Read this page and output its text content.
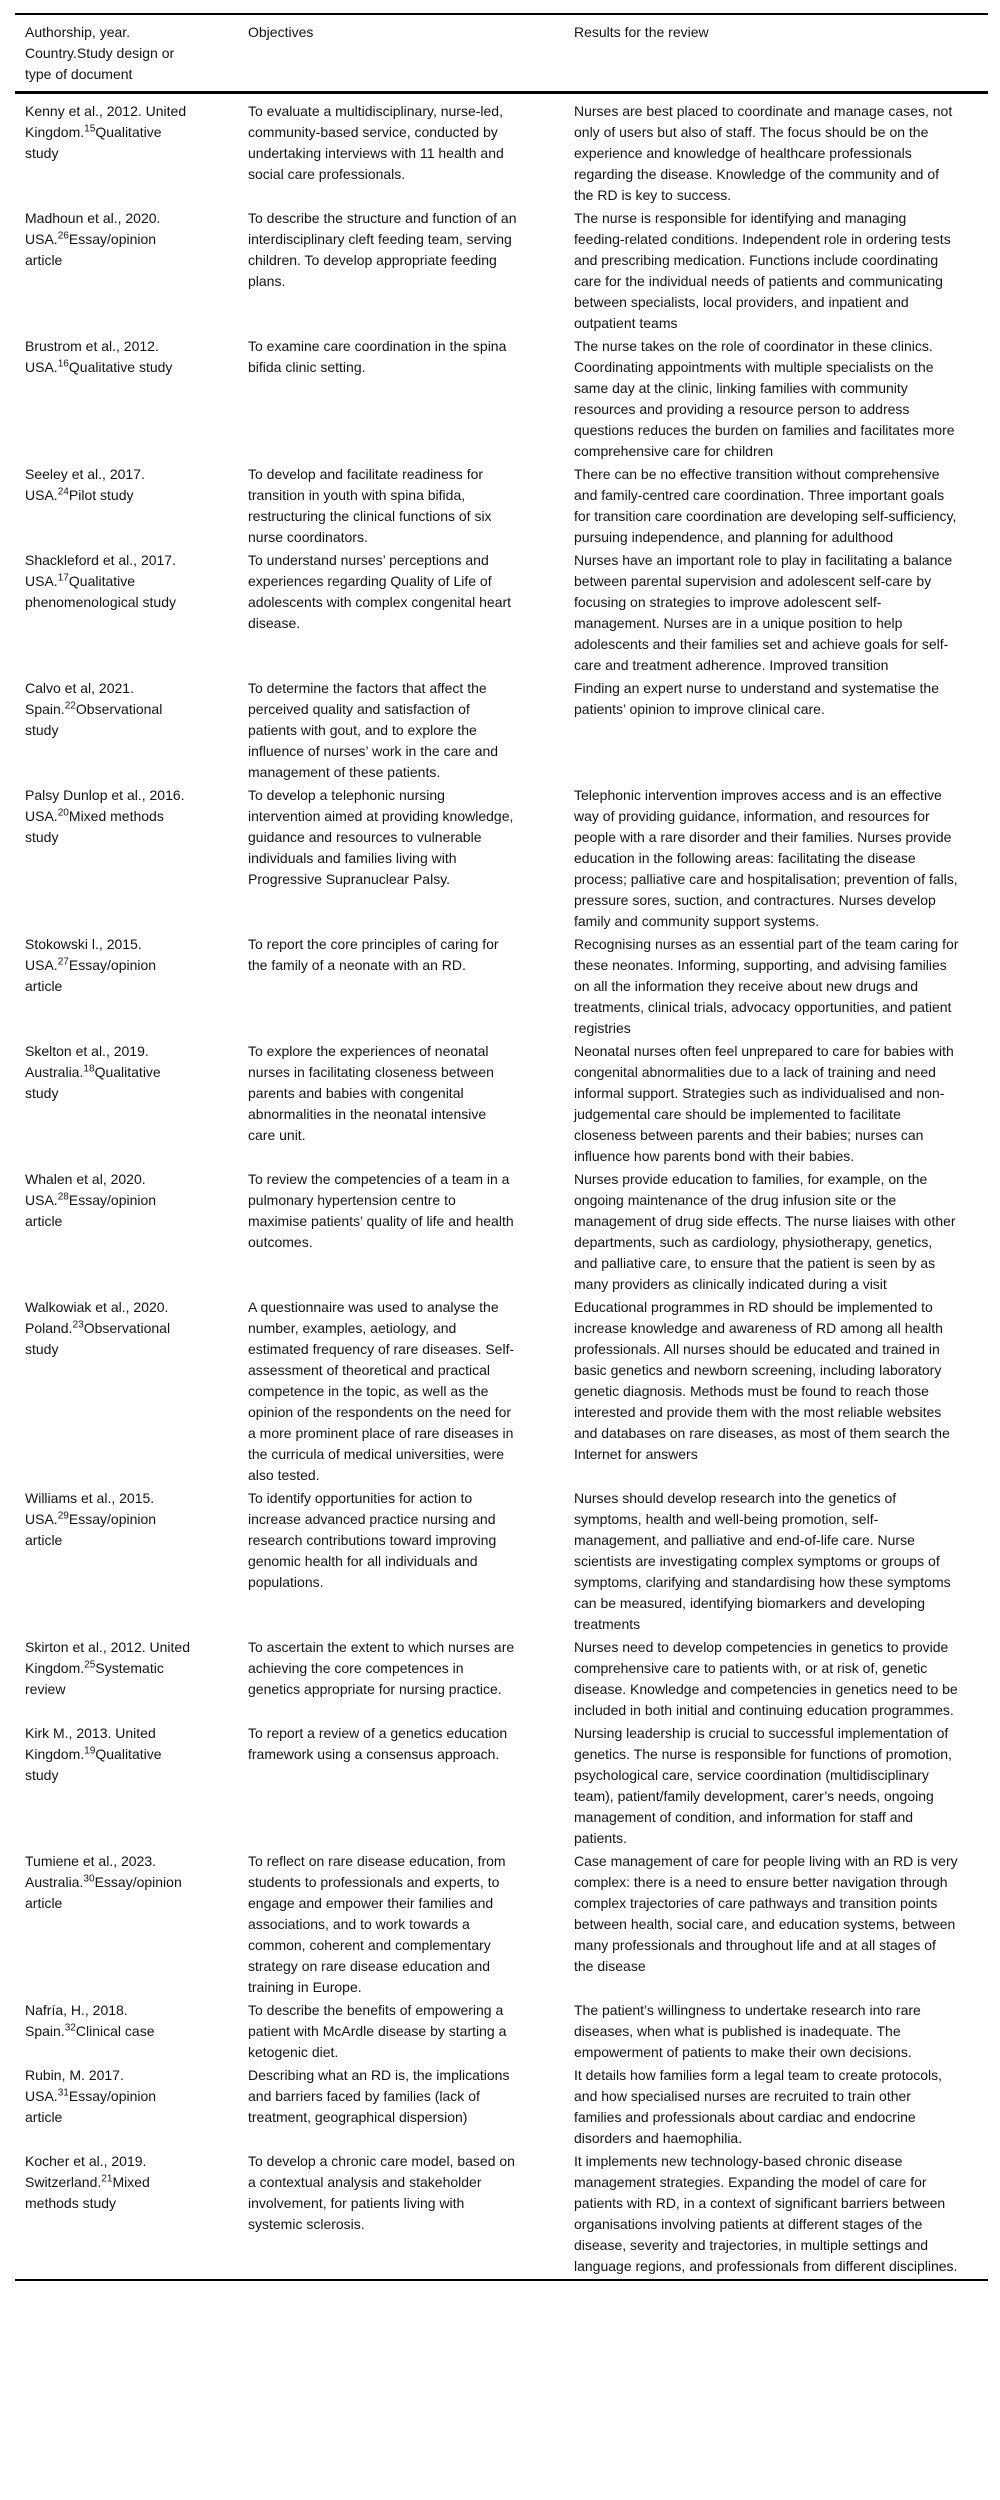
Authorship, year. Country.Study design or type of document	Objectives	Results for the review
Kenny et al., 2012. United Kingdom.$^{15}$Qualitative study	To evaluate a multidisciplinary, nurse-led, community-based service, conducted by undertaking interviews with 11 health and social care professionals.	Nurses are best placed to coordinate and manage cases, not only of users but also of staff. The focus should be on the experience and knowledge of healthcare professionals regarding the disease. Knowledge of the community and of the RD is key to success.
Madhoun et al., 2020. USA.$^{26}$Essay/opinion article	To describe the structure and function of an interdisciplinary cleft feeding team, serving children. To develop appropriate feeding plans.	The nurse is responsible for identifying and managing feeding-related conditions. Independent role in ordering tests and prescribing medication. Functions include coordinating care for the individual needs of patients and communicating between specialists, local providers, and inpatient and outpatient teams
Brustrom et al., 2012. USA.$^{16}$Qualitative study	To examine care coordination in the spina bifida clinic setting.	The nurse takes on the role of coordinator in these clinics. Coordinating appointments with multiple specialists on the same day at the clinic, linking families with community resources and providing a resource person to address questions reduces the burden on families and facilitates more comprehensive care for children
Seeley et al., 2017. USA.$^{24}$Pilot study	To develop and facilitate readiness for transition in youth with spina bifida, restructuring the clinical functions of six nurse coordinators.	There can be no effective transition without comprehensive and family-centred care coordination. Three important goals for transition care coordination are developing self-sufficiency, pursuing independence, and planning for adulthood
Shackleford et al., 2017. USA.$^{17}$Qualitative phenomenological study	To understand nurses’ perceptions and experiences regarding Quality of Life of adolescents with complex congenital heart disease.	Nurses have an important role to play in facilitating a balance between parental supervision and adolescent self-care by focusing on strategies to improve adolescent self-management. Nurses are in a unique position to help adolescents and their families set and achieve goals for self-care and treatment adherence. Improved transition
Calvo et al, 2021. Spain.$^{22}$Observational study	To determine the factors that affect the perceived quality and satisfaction of patients with gout, and to explore the influence of nurses’ work in the care and management of these patients.	Finding an expert nurse to understand and systematise the patients’ opinion to improve clinical care.
Palsy Dunlop et al., 2016. USA.$^{20}$Mixed methods study	To develop a telephonic nursing intervention aimed at providing knowledge, guidance and resources to vulnerable individuals and families living with Progressive Supranuclear Palsy.	Telephonic intervention improves access and is an effective way of providing guidance, information, and resources for people with a rare disorder and their families. Nurses provide education in the following areas: facilitating the disease process; palliative care and hospitalisation; prevention of falls, pressure sores, suction, and contractures. Nurses develop family and community support systems.
Stokowski l., 2015. USA.$^{27}$Essay/opinion article	To report the core principles of caring for the family of a neonate with an RD.	Recognising nurses as an essential part of the team caring for these neonates. Informing, supporting, and advising families on all the information they receive about new drugs and treatments, clinical trials, advocacy opportunities, and patient registries
Skelton et al., 2019. Australia.$^{18}$Qualitative study	To explore the experiences of neonatal nurses in facilitating closeness between parents and babies with congenital abnormalities in the neonatal intensive care unit.	Neonatal nurses often feel unprepared to care for babies with congenital abnormalities due to a lack of training and need informal support. Strategies such as individualised and non-judgemental care should be implemented to facilitate closeness between parents and their babies; nurses can influence how parents bond with their babies.
Whalen et al, 2020. USA.$^{28}$Essay/opinion article	To review the competencies of a team in a pulmonary hypertension centre to maximise patients’ quality of life and health outcomes.	Nurses provide education to families, for example, on the ongoing maintenance of the drug infusion site or the management of drug side effects. The nurse liaises with other departments, such as cardiology, physiotherapy, genetics, and palliative care, to ensure that the patient is seen by as many providers as clinically indicated during a visit
Walkowiak et al., 2020. Poland.$^{23}$Observational study	A questionnaire was used to analyse the number, examples, aetiology, and estimated frequency of rare diseases. Self-assessment of theoretical and practical competence in the topic, as well as the opinion of the respondents on the need for a more prominent place of rare diseases in the curricula of medical universities, were also tested.	Educational programmes in RD should be implemented to increase knowledge and awareness of RD among all health professionals. All nurses should be educated and trained in basic genetics and newborn screening, including laboratory genetic diagnosis. Methods must be found to reach those interested and provide them with the most reliable websites and databases on rare diseases, as most of them search the Internet for answers
Williams et al., 2015. USA.$^{29}$Essay/opinion article	To identify opportunities for action to increase advanced practice nursing and research contributions toward improving genomic health for all individuals and populations.	Nurses should develop research into the genetics of symptoms, health and well-being promotion, self-management, and palliative and end-of-life care. Nurse scientists are investigating complex symptoms or groups of symptoms, clarifying and standardising how these symptoms can be measured, identifying biomarkers and developing treatments
Skirton et al., 2012. United Kingdom.$^{25}$Systematic review	To ascertain the extent to which nurses are achieving the core competences in genetics appropriate for nursing practice.	Nurses need to develop competencies in genetics to provide comprehensive care to patients with, or at risk of, genetic disease. Knowledge and competencies in genetics need to be included in both initial and continuing education programmes.
Kirk M., 2013. United Kingdom.$^{19}$Qualitative study	To report a review of a genetics education framework using a consensus approach.	Nursing leadership is crucial to successful implementation of genetics. The nurse is responsible for functions of promotion, psychological care, service coordination (multidisciplinary team), patient/family development, carer’s needs, ongoing management of condition, and information for staff and patients.
Tumiene et al., 2023. Australia.$^{30}$Essay/opinion article	To reflect on rare disease education, from students to professionals and experts, to engage and empower their families and associations, and to work towards a common, coherent and complementary strategy on rare disease education and training in Europe.	Case management of care for people living with an RD is very complex: there is a need to ensure better navigation through complex trajectories of care pathways and transition points between health, social care, and education systems, between many professionals and throughout life and at all stages of the disease
Nafría, H., 2018. Spain.$^{32}$Clinical case	To describe the benefits of empowering a patient with McArdle disease by starting a ketogenic diet.	The patient’s willingness to undertake research into rare diseases, when what is published is inadequate. The empowerment of patients to make their own decisions.
Rubin, M. 2017. USA.$^{31}$Essay/opinion article	Describing what an RD is, the implications and barriers faced by families (lack of treatment, geographical dispersion)	It details how families form a legal team to create protocols, and how specialised nurses are recruited to train other families and professionals about cardiac and endocrine disorders and haemophilia.
Kocher et al., 2019. Switzerland.$^{21}$Mixed methods study	To develop a chronic care model, based on a contextual analysis and stakeholder involvement, for patients living with systemic sclerosis.	It implements new technology-based chronic disease management strategies. Expanding the model of care for patients with RD, in a context of significant barriers between organisations involving patients at different stages of the disease, severity and trajectories, in multiple settings and language regions, and professionals from different disciplines.
